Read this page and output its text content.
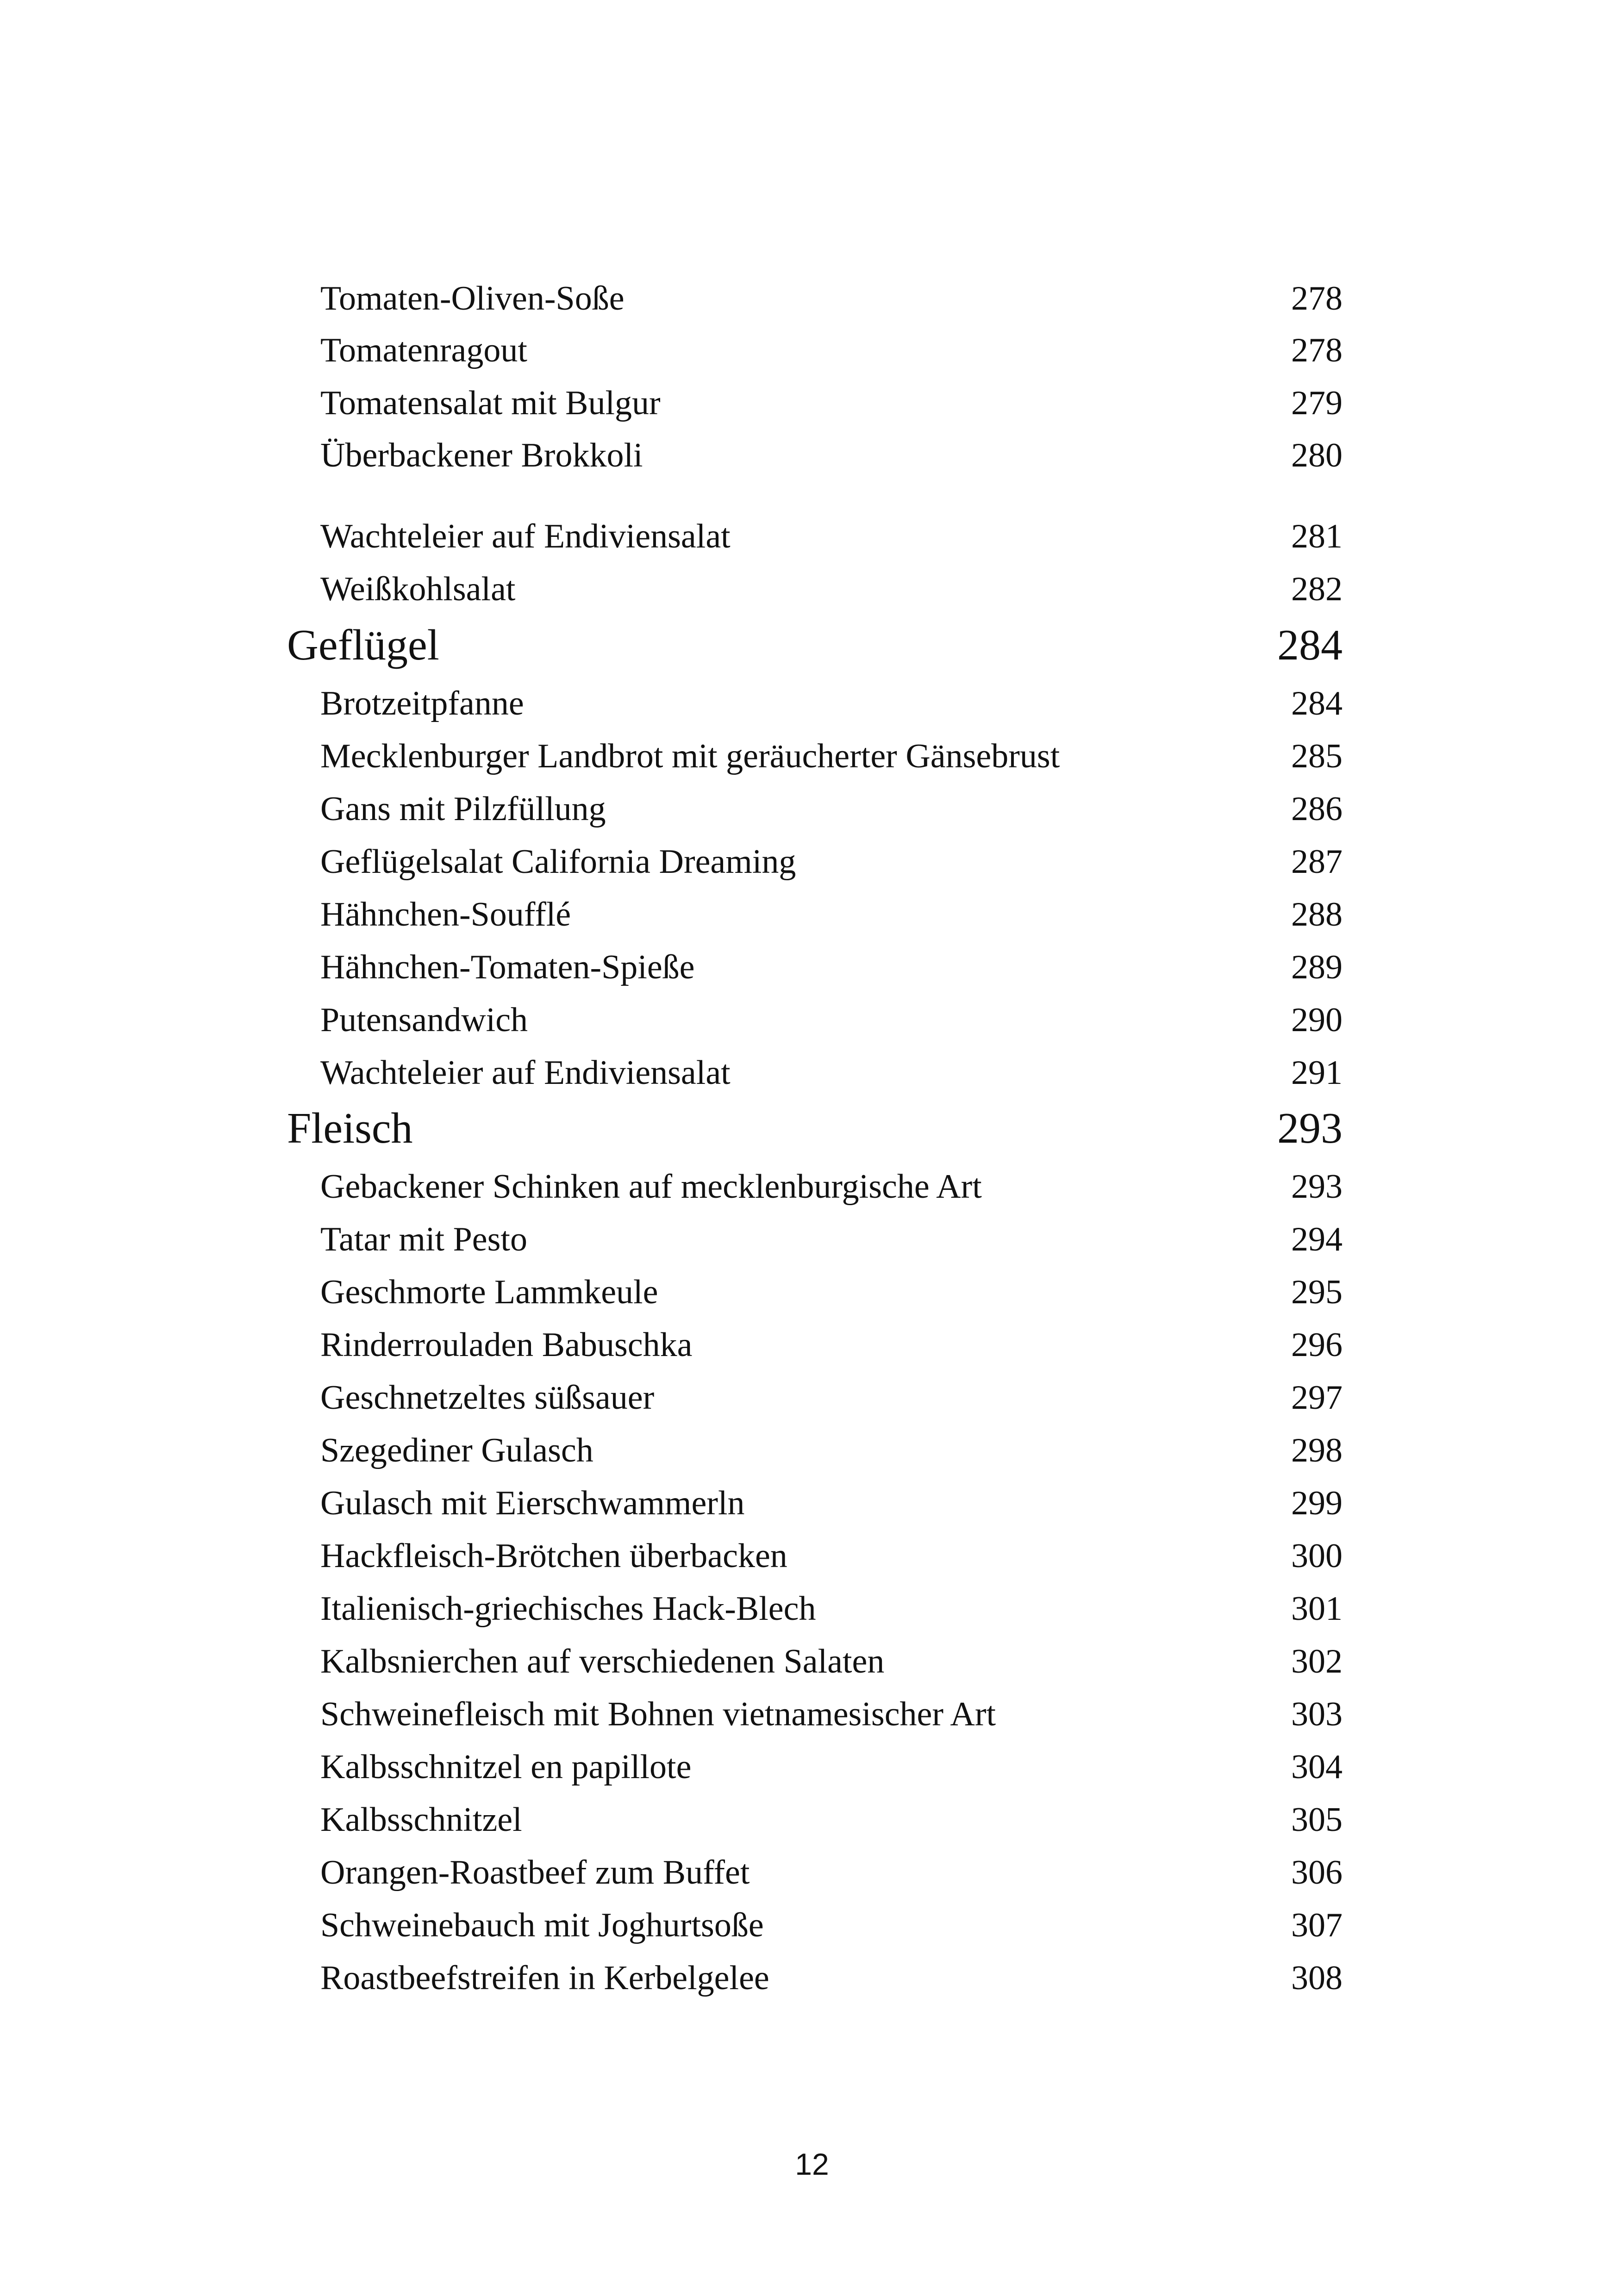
Tomaten-Oliven-Soße	278
Tomatenragout	278
Tomatensalat mit Bulgur	279
Überbackener Brokkoli	280
Wachteleier auf Endiviensalat	281
Weißkohlsalat	282
Geflügel	284
Brotzeitpfanne	284
Mecklenburger Landbrot mit geräucherter Gänsebrust	285
Gans mit Pilzfüllung	286
Geflügelsalat California Dreaming	287
Hähnchen-Soufflé	288
Hähnchen-Tomaten-Spieße	289
Putensandwich	290
Wachteleier auf Endiviensalat	291
Fleisch	293
Gebackener Schinken auf mecklenburgische Art	293
Tatar mit Pesto	294
Geschmorte Lammkeule	295
Rinderrouladen Babuschka	296
Geschnetzeltes süßsauer	297
Szegediner Gulasch	298
Gulasch mit Eierschwammerln	299
Hackfleisch-Brötchen überbacken	300
Italienisch-griechisches Hack-Blech	301
Kalbsnierchen auf verschiedenen Salaten	302
Schweinefleisch mit Bohnen vietnamesischer Art	303
Kalbsschnitzel en papillote	304
Kalbsschnitzel	305
Orangen-Roastbeef zum Buffet	306
Schweinebauch mit Joghurtsoße	307
Roastbeefstreifen in Kerbelgelee	308
12
